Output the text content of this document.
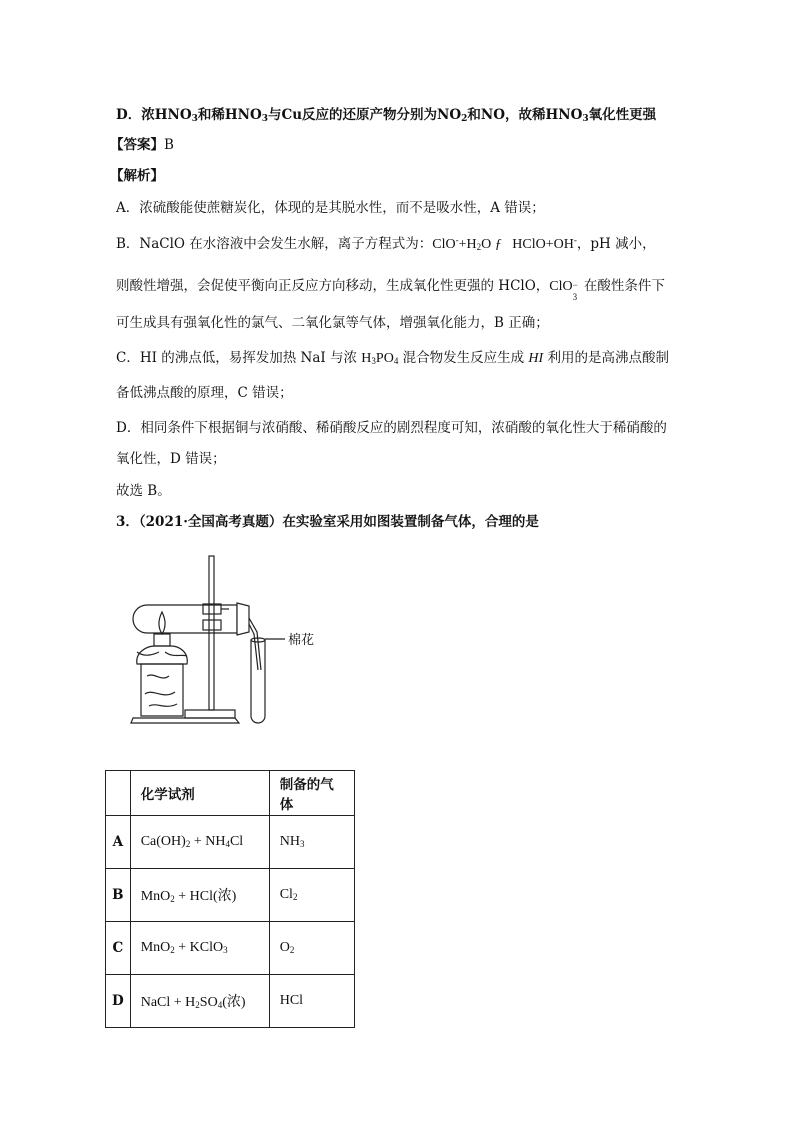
D．浓$HNO_3$和稀$HNO_3$与Cu反应的还原产物分别为$NO_2$和NO，故稀$HNO_3$氧化性更强
【答案】B
【解析】
A．浓硫酸能使蔗糖炭化，体现的是其脱水性，而不是吸水性，A 错误；
B．NaClO 在水溶液中会发生水解，离子方程式为：$ClO^-+H_2O$ ƒ HClO+OH-，pH 减小，
则酸性增强，会促使平衡向正反应方向移动，生成氧化性更强的 HClO，ClO −
3
在酸性条件下
可生成具有强氧化性的氯气、二氧化氯等气体，增强氧化能力，B 正确；
C．HI 的沸点低，易挥发加热 NaI 与浓 $H_3PO_4$ 混合物发生反应生成 HI 利用的是高沸点酸制
备低沸点酸的原理，C 错误；
D．相同条件下根据铜与浓硝酸、稀硝酸反应的剧烈程度可知，浓硝酸的氧化性大于稀硝酸的
氧化性，D 错误；
故选 B。
3．（2021·全国高考真题）在实验室采用如图装置制备气体，合理的是
棉花
	化学试剂	制备的气体
A	$Ca(OH)_2 + NH_4Cl$	$NH_3$
B	MnO$_2$ + HCl(浓)	$Cl_2$
C	MnO$_2$ + KClO$_3$	$O_2$
D	NaCl + $H_2SO_4$(浓)	HCl
